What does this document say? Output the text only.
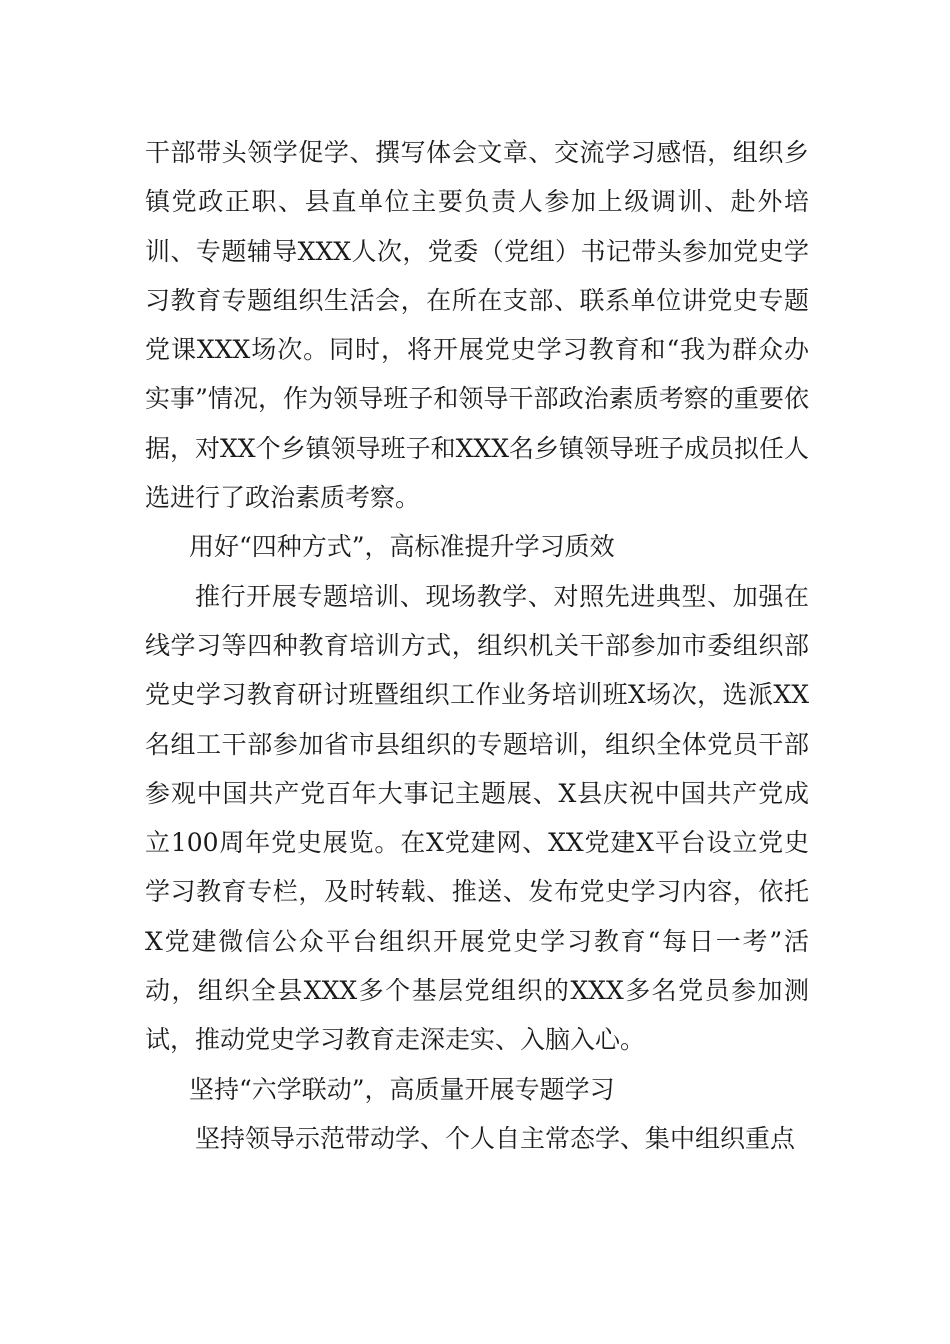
干部带头领学促学、撰写体会文章、交流学习感悟，组织乡镇党政正职、县直单位主要负责人参加上级调训、赴外培训、专题辅导XXX人次，党委（党组）书记带头参加党史学习教育专题组织生活会，在所在支部、联系单位讲党史专题党课XXX场次。同时，将开展党史学习教育和“我为群众办实事”情况，作为领导班子和领导干部政治素质考察的重要依据，对XX个乡镇领导班子和XXX名乡镇领导班子成员拟任人选进行了政治素质考察。

用好“四种方式”，高标准提升学习质效

推行开展专题培训、现场教学、对照先进典型、加强在线学习等四种教育培训方式，组织机关干部参加市委组织部党史学习教育研讨班暨组织工作业务培训班X场次，选派XX名组工干部参加省市县组织的专题培训，组织全体党员干部参观中国共产党百年大事记主题展、X县庆祝中国共产党成立100周年党史展览。在X党建网、XX党建X平台设立党史学习教育专栏，及时转载、推送、发布党史学习内容，依托X党建微信公众平台组织开展党史学习教育“每日一考”活动，组织全县XXX多个基层党组织的XXX多名党员参加测试，推动党史学习教育走深走实、入脑入心。

坚持“六学联动”，高质量开展专题学习

坚持领导示范带动学、个人自主常态学、集中组织重点
